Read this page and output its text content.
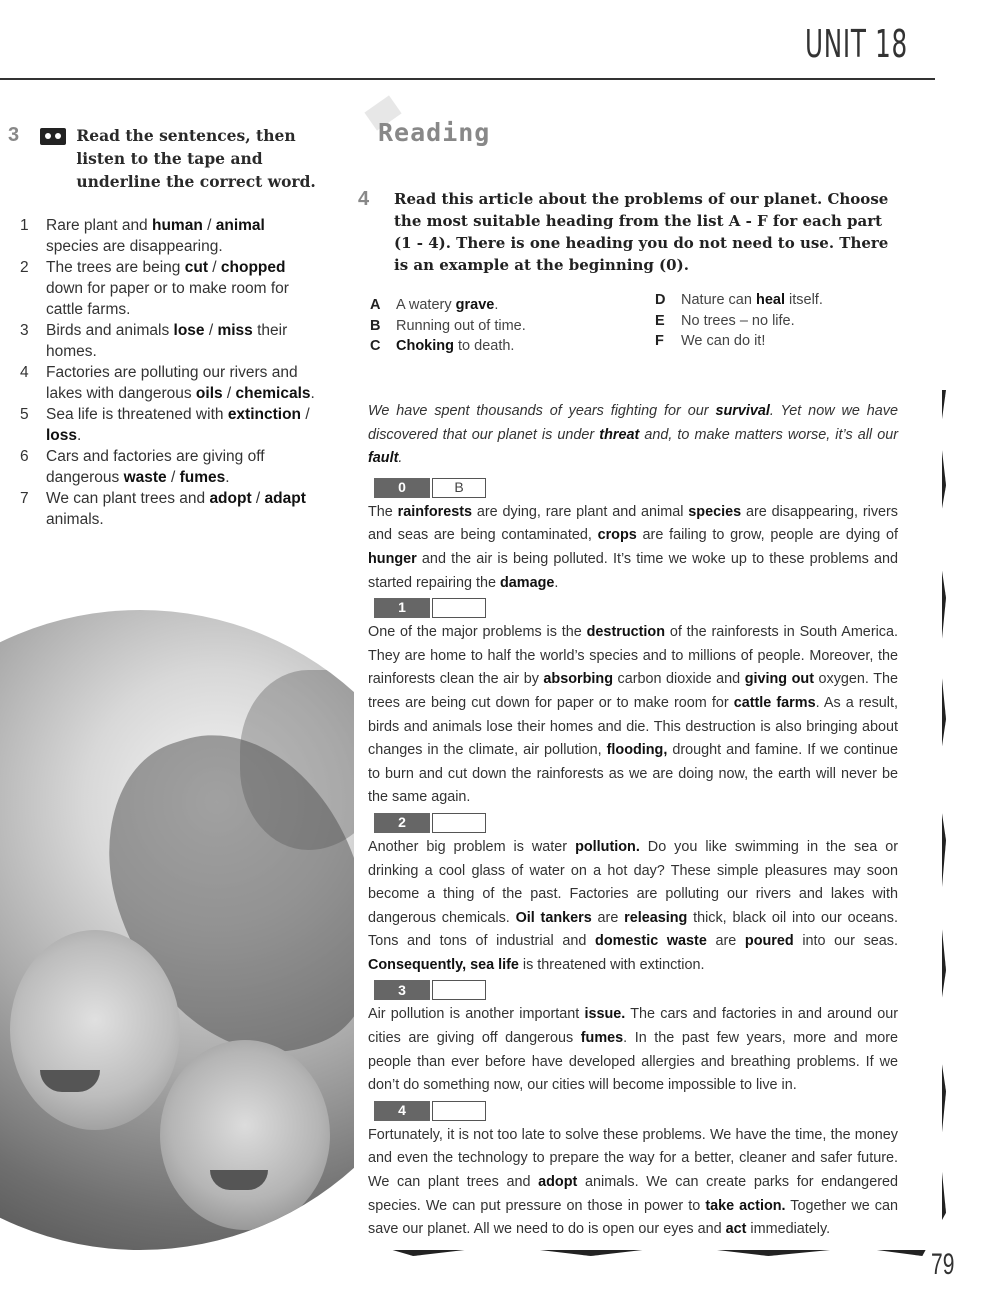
UNIT 18
3	Read the sentences, then listen to the tape and underline the correct word.
1	Rare plant and human / animal species are disappearing.
2	The trees are being cut / chopped down for paper or to make room for cattle farms.
3	Birds and animals lose / miss their homes.
4	Factories are polluting our rivers and lakes with dangerous oils / chemicals.
5	Sea life is threatened with extinction / loss.
6	Cars and factories are giving off dangerous waste / fumes.
7	We can plant trees and adopt / adapt animals.
Reading
4	Read this article about the problems of our planet. Choose the most suitable heading from the list A - F for each part (1 - 4). There is one heading you do not need to use. There is an example at the beginning (0).
A	A watery grave.
B	Running out of time.
C	Choking to death.
D	Nature can heal itself.
E	No trees – no life.
F	We can do it!

We have spent thousands of years fighting for our survival. Yet now we have discovered that our planet is under threat and, to make matters worse, it’s all our fault.

0	B

The rainforests are dying, rare plant and animal species are disappearing, rivers and seas are being contaminated, crops are failing to grow, people are dying of hunger and the air is being polluted. It’s time we woke up to these problems and started repairing the damage.

1

One of the major problems is the destruction of the rainforests in South America. They are home to half the world’s species and to millions of people. Moreover, the rainforests clean the air by absorbing carbon dioxide and giving out oxygen. The trees are being cut down for paper or to make room for cattle farms. As a result, birds and animals lose their homes and die. This destruction is also bringing about changes in the climate, air pollution, flooding, drought and famine. If we continue to burn and cut down the rainforests as we are doing now, the earth will never be the same again.

2

Another big problem is water pollution. Do you like swimming in the sea or drinking a cool glass of water on a hot day? These simple pleasures may soon become a thing of the past. Factories are polluting our rivers and lakes with dangerous chemicals. Oil tankers are releasing thick, black oil into our oceans. Tons and tons of industrial and domestic waste are poured into our seas. Consequently, sea life is threatened with extinction.

3

Air pollution is another important issue. The cars and factories in and around our cities are giving off dangerous fumes. In the past few years, more and more people than ever before have developed allergies and breathing problems. If we don’t do something now, our cities will become impossible to live in.

4

Fortunately, it is not too late to solve these problems. We have the time, the money and even the technology to prepare the way for a better, cleaner and safer future. We can plant trees and adopt animals. We can create parks for endangered species. We can put pressure on those in power to take action. Together we can save our planet. All we need to do is open our eyes and act immediately.

79
